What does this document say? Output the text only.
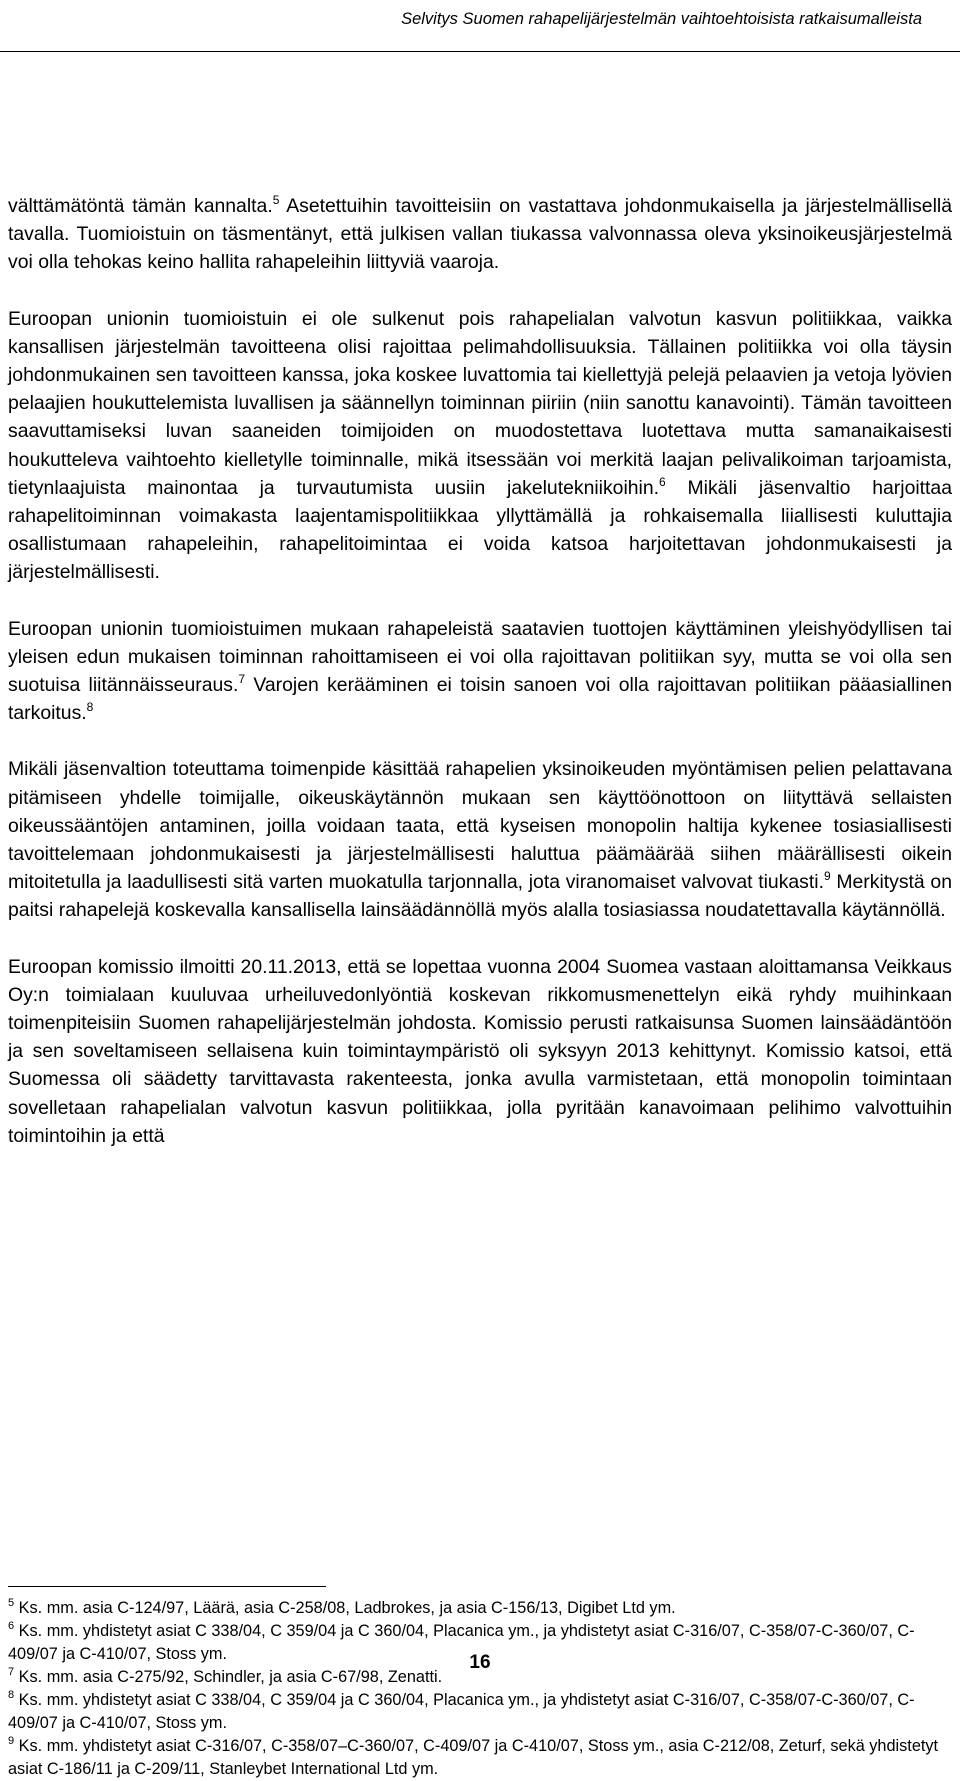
Selvitys Suomen rahapelijärjestelmän vaihtoehtoisista ratkaisumalleista

välttämätöntä tämän kannalta.$^5$ Asetettuihin tavoitteisiin on vastattava johdonmukaisella ja järjestelmällisellä tavalla. Tuomioistuin on täsmentänyt, että julkisen vallan tiukassa valvonnassa oleva yksinoikeusjärjestelmä voi olla tehokas keino hallita rahapeleihin liittyviä vaaroja.

Euroopan unionin tuomioistuin ei ole sulkenut pois rahapelialan valvotun kasvun politiikkaa, vaikka kansallisen järjestelmän tavoitteena olisi rajoittaa pelimahdollisuuksia. Tällainen politiikka voi olla täysin johdonmukainen sen tavoitteen kanssa, joka koskee luvattomia tai kiellettyjä pelejä pelaavien ja vetoja lyövien pelaajien houkuttelemista luvallisen ja säännellyn toiminnan piiriin (niin sanottu kanavointi). Tämän tavoitteen saavuttamiseksi luvan saaneiden toimijoiden on muodostettava luotettava mutta samanaikaisesti houkutteleva vaihtoehto kielletylle toiminnalle, mikä itsessään voi merkitä laajan pelivalikoiman tarjoamista, tietynlaajuista mainontaa ja turvautumista uusiin jakelutekniikoihin.$^6$ Mikäli jäsenvaltio harjoittaa rahapelitoiminnan voimakasta laajentamispolitiikkaa yllyttämällä ja rohkaisemalla liiallisesti kuluttajia osallistumaan rahapeleihin, rahapelitoimintaa ei voida katsoa harjoitettavan johdonmukaisesti ja järjestelmällisesti.

Euroopan unionin tuomioistuimen mukaan rahapeleistä saatavien tuottojen käyttäminen yleishyödyllisen tai yleisen edun mukaisen toiminnan rahoittamiseen ei voi olla rajoittavan politiikan syy, mutta se voi olla sen suotuisa liitännäisseuraus.$^7$ Varojen kerääminen ei toisin sanoen voi olla rajoittavan politiikan pääasiallinen tarkoitus.$^8$

Mikäli jäsenvaltion toteuttama toimenpide käsittää rahapelien yksinoikeuden myöntämisen pelien pelattavana pitämiseen yhdelle toimijalle, oikeuskäytännön mukaan sen käyttöönottoon on liityttävä sellaisten oikeussääntöjen antaminen, joilla voidaan taata, että kyseisen monopolin haltija kykenee tosiasiallisesti tavoittelemaan johdonmukaisesti ja järjestelmällisesti haluttua päämäärää siihen määrällisesti oikein mitoitetulla ja laadullisesti sitä varten muokatulla tarjonnalla, jota viranomaiset valvovat tiukasti.$^9$ Merkitystä on paitsi rahapelejä koskevalla kansallisella lainsäädännöllä myös alalla tosiasiassa noudatettavalla käytännöllä.

Euroopan komissio ilmoitti 20.11.2013, että se lopettaa vuonna 2004 Suomea vastaan aloittamansa Veikkaus Oy:n toimialaan kuuluvaa urheiluvedonlyöntiä koskevan rikkomusmenettelyn eikä ryhdy muihinkaan toimenpiteisiin Suomen rahapelijärjestelmän johdosta. Komissio perusti ratkaisunsa Suomen lainsäädäntöön ja sen soveltamiseen sellaisena kuin toimintaympäristö oli syksyyn 2013 kehittynyt. Komissio katsoi, että Suomessa oli säädetty tarvittavasta rakenteesta, jonka avulla varmistetaan, että monopolin toimintaan sovelletaan rahapelialan valvotun kasvun politiikkaa, jolla pyritään kanavoimaan pelihimo valvottuihin toimintoihin ja että

$^5$ Ks. mm. asia C-124/97, Läärä, asia C-258/08, Ladbrokes, ja asia C-156/13, Digibet Ltd ym.

$^6$ Ks. mm. yhdistetyt asiat C 338/04, C 359/04 ja C 360/04, Placanica ym., ja yhdistetyt asiat C-316/07, C-358/07-C-360/07, C-409/07 ja C-410/07, Stoss ym.

$^7$ Ks. mm. asia C-275/92, Schindler, ja asia C-67/98, Zenatti.

$^8$ Ks. mm. yhdistetyt asiat C 338/04, C 359/04 ja C 360/04, Placanica ym., ja yhdistetyt asiat C-316/07, C-358/07-C-360/07, C-409/07 ja C-410/07, Stoss ym.

$^9$ Ks. mm. yhdistetyt asiat C-316/07, C-358/07–C-360/07, C-409/07 ja C-410/07, Stoss ym., asia C-212/08, Zeturf, sekä yhdistetyt asiat C-186/11 ja C-209/11, Stanleybet International Ltd ym.

16
